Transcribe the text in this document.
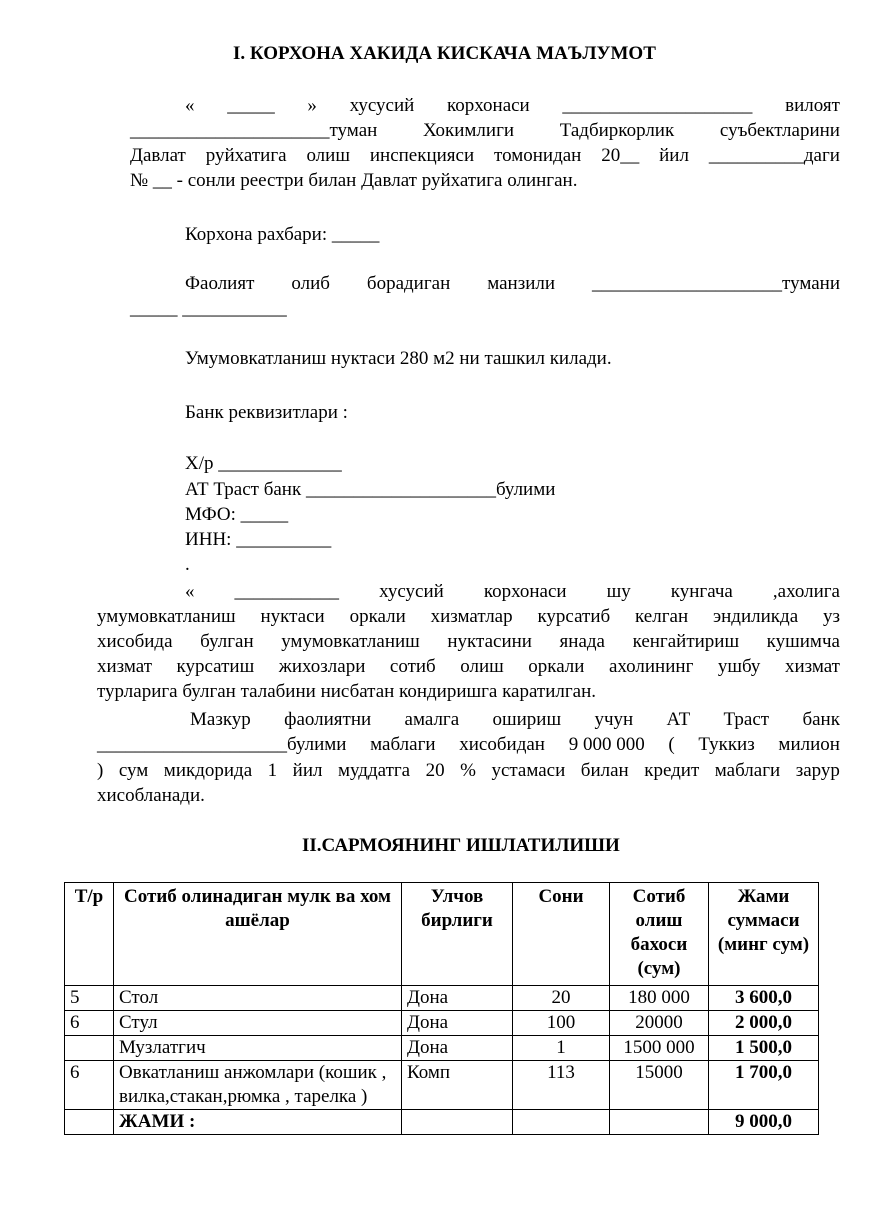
I. КОРХОНА ХАКИДА КИСКАЧА МАЪЛУМОТ
« _____ » хусусий корхонаси ____________________ вилоят
_____________________туман Хокимлиги Тадбиркорлик суъбектларини
Давлат руйхатига олиш инспекцияси томонидан 20__ йил __________даги
№ __ - сонли реестри билан Давлат руйхатига олинган.
Корхона рахбари: _____
Фаолият олиб борадиган манзили ____________________тумани
_____ ___________
Умумовкатланиш нуктаси 280 м2 ни ташкил килади.
Банк реквизитлари :
Х/р _____________
АТ Траст банк ____________________булими
МФО: _____
ИНН: __________
.
« ___________ хусусий корхонаси шу кунгача ,ахолига
умумовкатланиш нуктаси оркали хизматлар курсатиб келган эндиликда уз
хисобида булган умумовкатланиш нуктасини янада кенгайтириш кушимча
хизмат курсатиш жихозлари сотиб олиш оркали ахолининг ушбу хизмат
турларига булган талабини нисбатан кондиришга каратилган.
Мазкур фаолиятни амалга ошириш учун АТ Траст банк
____________________булими маблаги хисобидан 9 000 000 ( Туккиз милион
) сум микдорида 1 йил муддатга 20 % устамаси билан кредит маблаги зарур
хисобланади.
II.САРМОЯНИНГ ИШЛАТИЛИШИ
Т/р	Сотиб олинадиган мулк ва хом ашёлар	Улчов бирлиги	Сони	Сотиб олиш бахоси (сум)	Жами суммаси (минг сум)
5	Стол	Дона	20	180 000	3 600,0
6	Стул	Дона	100	20000	2 000,0
	Музлатгич	Дона	1	1500 000	1 500,0
6	Овкатланиш анжомлари (кошик , вилка,стакан,рюмка , тарелка )	Комп	113	15000	1 700,0
	ЖАМИ :				9 000,0
